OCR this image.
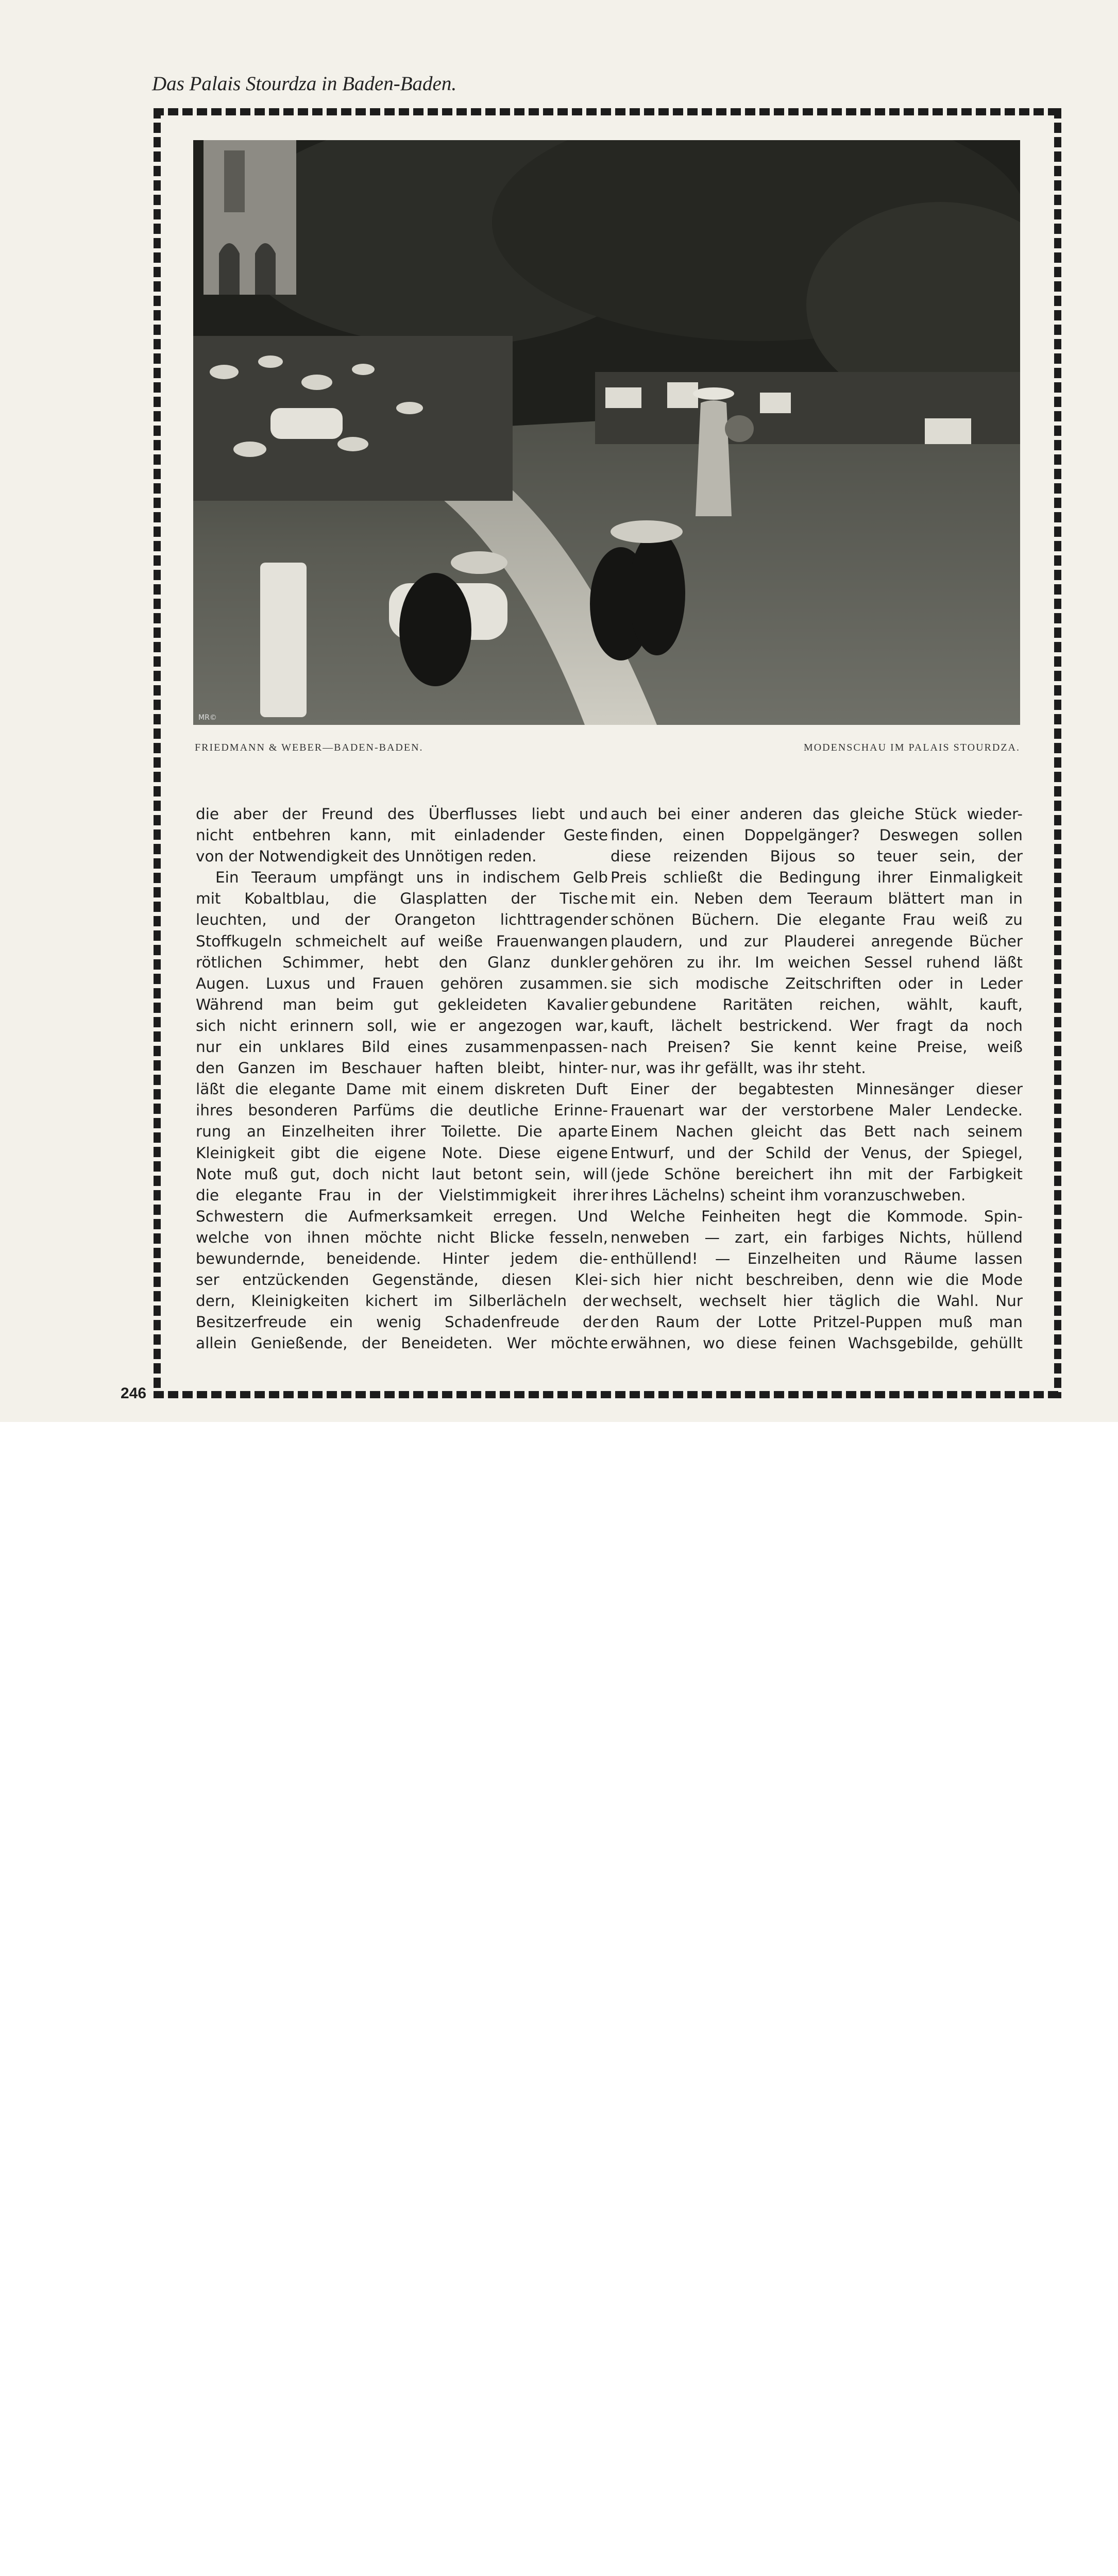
Das Palais Stourdza in Baden-Baden.
MR©
FRIEDMANN & WEBER—BADEN-BADEN.	MODENSCHAU IM PALAIS STOURDZA.
die aber der Freund des Überflusses liebt und
nicht entbehren kann, mit einladender Geste
von der Notwendigkeit des Unnötigen reden.
Ein Teeraum umpfängt uns in indischem Gelb
mit Kobaltblau, die Glasplatten der Tische
leuchten, und der Orangeton lichttragender
Stoffkugeln schmeichelt auf weiße Frauenwangen
rötlichen Schimmer, hebt den Glanz dunkler
Augen. Luxus und Frauen gehören zusammen.
Während man beim gut gekleideten Kavalier
sich nicht erinnern soll, wie er angezogen war,
nur ein unklares Bild eines zusammenpassen-
den Ganzen im Beschauer haften bleibt, hinter-
läßt die elegante Dame mit einem diskreten Duft
ihres besonderen Parfüms die deutliche Erinne-
rung an Einzelheiten ihrer Toilette. Die aparte
Kleinigkeit gibt die eigene Note. Diese eigene
Note muß gut, doch nicht laut betont sein, will
die elegante Frau in der Vielstimmigkeit ihrer
Schwestern die Aufmerksamkeit erregen. Und
welche von ihnen möchte nicht Blicke fesseln,
bewundernde, beneidende. Hinter jedem die-
ser entzückenden Gegenstände, diesen Klei-
dern, Kleinigkeiten kichert im Silberlächeln der
Besitzerfreude ein wenig Schadenfreude der
allein Genießende, der Beneideten. Wer möchte
auch bei einer anderen das gleiche Stück wieder-
finden, einen Doppelgänger? Deswegen sollen
diese reizenden Bijous so teuer sein, der
Preis schließt die Bedingung ihrer Einmaligkeit
mit ein. Neben dem Teeraum blättert man in
schönen Büchern. Die elegante Frau weiß zu
plaudern, und zur Plauderei anregende Bücher
gehören zu ihr. Im weichen Sessel ruhend läßt
sie sich modische Zeitschriften oder in Leder
gebundene Raritäten reichen, wählt, kauft,
kauft, lächelt bestrickend. Wer fragt da noch
nach Preisen? Sie kennt keine Preise, weiß
nur, was ihr gefällt, was ihr steht.
Einer der begabtesten Minnesänger dieser
Frauenart war der verstorbene Maler Lendecke.
Einem Nachen gleicht das Bett nach seinem
Entwurf, und der Schild der Venus, der Spiegel,
(jede Schöne bereichert ihn mit der Farbigkeit
ihres Lächelns) scheint ihm voranzuschweben.
Welche Feinheiten hegt die Kommode. Spin-
nenweben — zart, ein farbiges Nichts, hüllend
enthüllend! — Einzelheiten und Räume lassen
sich hier nicht beschreiben, denn wie die Mode
wechselt, wechselt hier täglich die Wahl. Nur
den Raum der Lotte Pritzel-Puppen muß man
erwähnen, wo diese feinen Wachsgebilde, gehüllt
246
